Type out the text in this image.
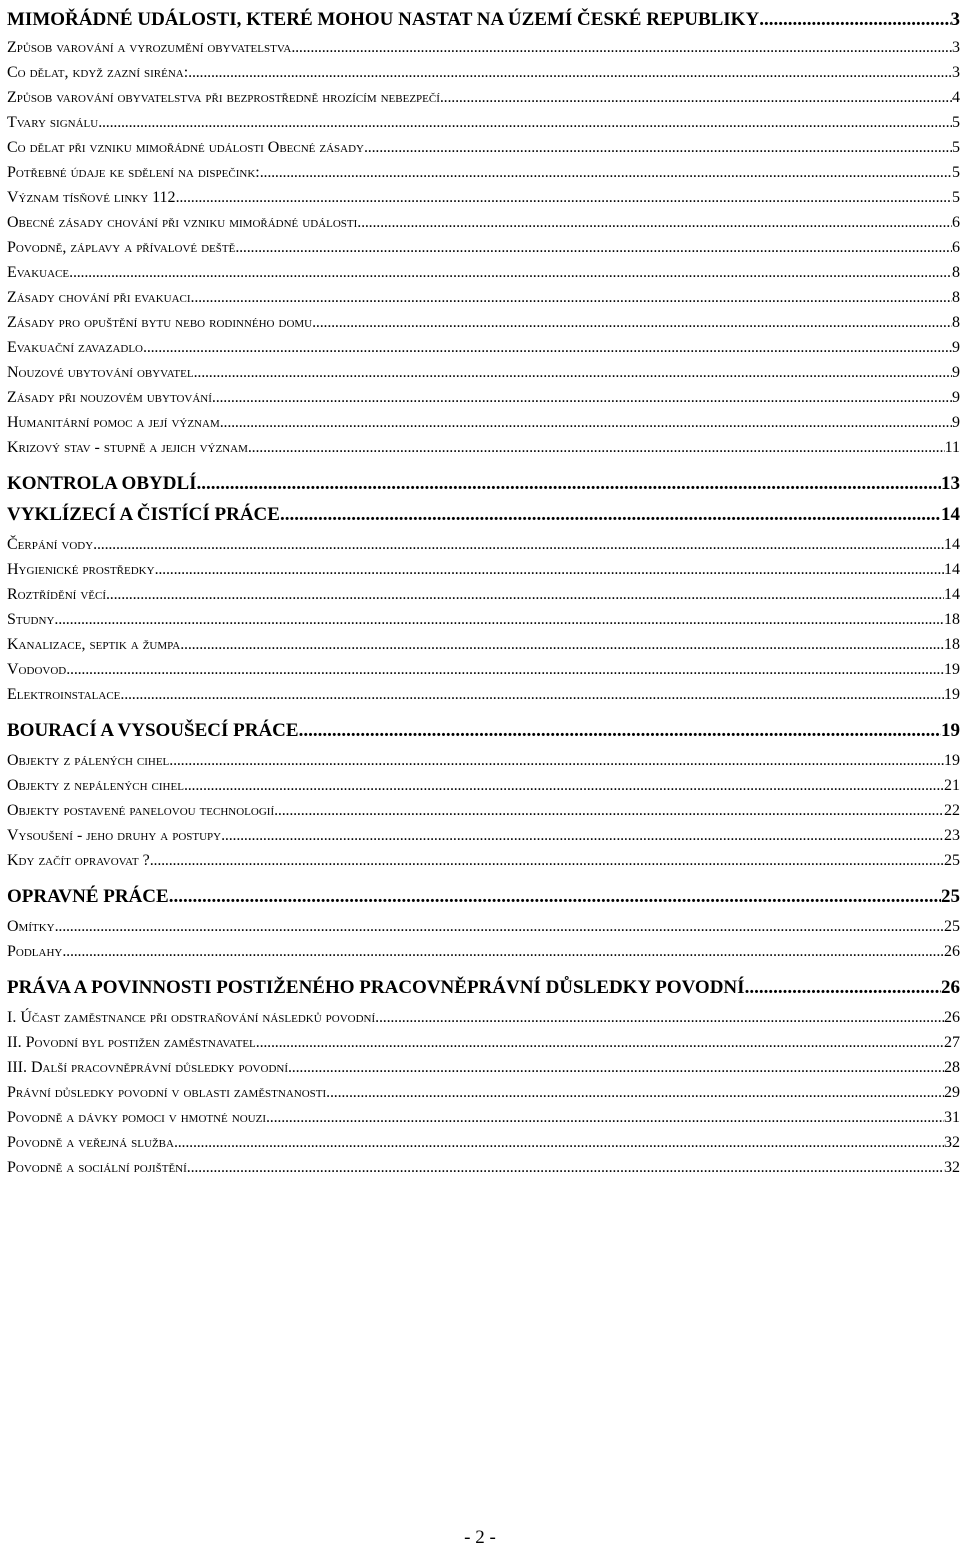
MIMOŘÁDNÉ UDÁLOSTI, KTERÉ MOHOU NASTAT NA ÚZEMÍ ČESKÉ REPUBLIKY .....	3
Způsob varování a vyrozumění obyvatelstva .....	3
Co dělat, když zazní siréna: .....	3
Způsob varování obyvatelstva při bezprostředně hrozícím nebezpečí .....	4
Tvary signálu .....	5
Co dělat při vzniku mimořádné události Obecné zásady .....	5
Potřebné údaje ke sdělení na dispečink: .....	5
Význam tísňové linky 112 .....	5
Obecné zásady chování při vzniku mimořádné události .....	6
Povodně, záplavy a přívalové deště .....	6
Evakuace .....	8
Zásady chování při evakuaci .....	8
Zásady pro opuštění bytu nebo rodinného domu .....	8
Evakuační zavazadlo .....	9
Nouzové ubytování obyvatel .....	9
Zásady při nouzovém ubytování .....	9
Humanitární pomoc a její význam .....	9
Krizový stav - stupně a jejich význam .....	11
KONTROLA OBYDLÍ .....	13
VYKLÍZECÍ A ČISTÍCÍ PRÁCE .....	14
Čerpání vody .....	14
Hygienické prostředky .....	14
Roztřídění věcí .....	14
Studny .....	18
Kanalizace, septik a žumpa .....	18
Vodovod .....	19
Elektroinstalace .....	19
BOURACÍ A VYSOUŠECÍ PRÁCE .....	19
Objekty z pálených cihel .....	19
Objekty z nepálených cihel .....	21
Objekty postavené panelovou technologií .....	22
Vysoušení - jeho druhy a postupy .....	23
Kdy začít opravovat ? .....	25
OPRAVNÉ PRÁCE .....	25
Omítky .....	25
Podlahy .....	26
PRÁVA A POVINNOSTI POSTIŽENÉHO PRACOVNĚPRÁVNÍ DŮSLEDKY POVODNÍ .....	26
I. Účast zaměstnance při odstraňování následků povodní .....	26
II. Povodní byl postižen zaměstnavatel .....	27
III. Další pracovněprávní důsledky povodní .....	28
Právní důsledky povodní v oblasti zaměstnanosti .....	29
Povodně a dávky pomoci v hmotné nouzi .....	31
Povodně a veřejná služba .....	32
Povodně a sociální pojištění .....	32
- 2 -
